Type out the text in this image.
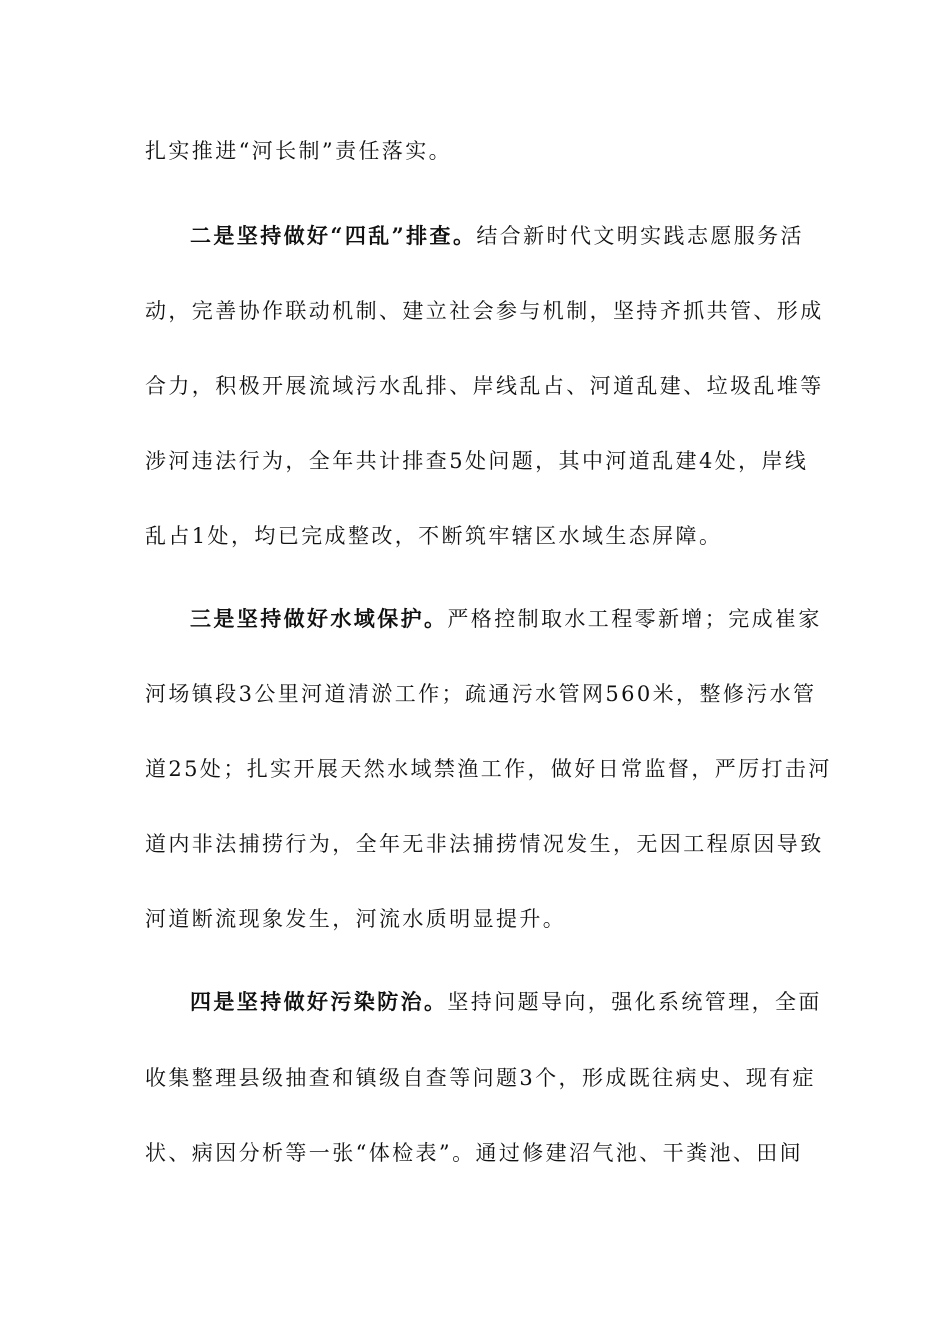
扎实推进“河长制”责任落实。
二是坚持做好“四乱”排查。结合新时代文明实践志愿服务活
动，完善协作联动机制、建立社会参与机制，坚持齐抓共管、形成
合力，积极开展流域污水乱排、岸线乱占、河道乱建、垃圾乱堆等
涉河违法行为，全年共计排查5处问题，其中河道乱建4处，岸线
乱占1处，均已完成整改，不断筑牢辖区水域生态屏障。
三是坚持做好水域保护。严格控制取水工程零新增；完成崔家
河场镇段3公里河道清淤工作；疏通污水管网560米，整修污水管
道25处；扎实开展天然水域禁渔工作，做好日常监督，严厉打击河
道内非法捕捞行为，全年无非法捕捞情况发生，无因工程原因导致
河道断流现象发生，河流水质明显提升。
四是坚持做好污染防治。坚持问题导向，强化系统管理，全面
收集整理县级抽查和镇级自查等问题3个，形成既往病史、现有症
状、病因分析等一张“体检表”。通过修建沼气池、干粪池、田间
